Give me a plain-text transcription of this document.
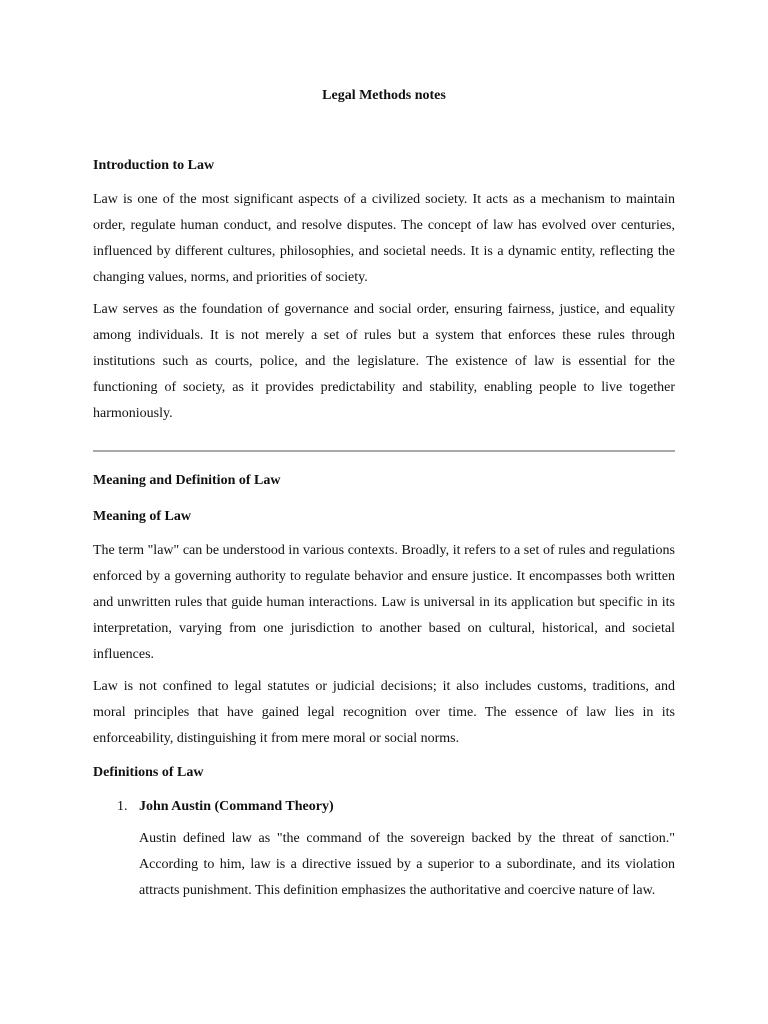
Legal Methods notes
Introduction to Law
Law is one of the most significant aspects of a civilized society. It acts as a mechanism to maintain order, regulate human conduct, and resolve disputes. The concept of law has evolved over centuries, influenced by different cultures, philosophies, and societal needs. It is a dynamic entity, reflecting the changing values, norms, and priorities of society.
Law serves as the foundation of governance and social order, ensuring fairness, justice, and equality among individuals. It is not merely a set of rules but a system that enforces these rules through institutions such as courts, police, and the legislature. The existence of law is essential for the functioning of society, as it provides predictability and stability, enabling people to live together harmoniously.
Meaning and Definition of Law
Meaning of Law
The term "law" can be understood in various contexts. Broadly, it refers to a set of rules and regulations enforced by a governing authority to regulate behavior and ensure justice. It encompasses both written and unwritten rules that guide human interactions. Law is universal in its application but specific in its interpretation, varying from one jurisdiction to another based on cultural, historical, and societal influences.
Law is not confined to legal statutes or judicial decisions; it also includes customs, traditions, and moral principles that have gained legal recognition over time. The essence of law lies in its enforceability, distinguishing it from mere moral or social norms.
Definitions of Law
1. John Austin (Command Theory)
Austin defined law as "the command of the sovereign backed by the threat of sanction." According to him, law is a directive issued by a superior to a subordinate, and its violation attracts punishment. This definition emphasizes the authoritative and coercive nature of law.
